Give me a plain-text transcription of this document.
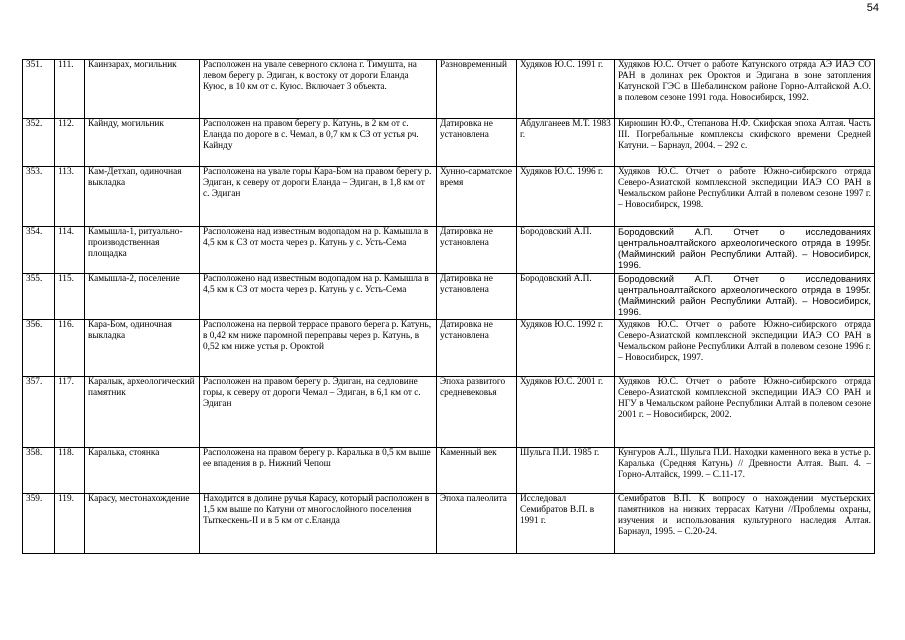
54
351.	111.	Каинзарах, могильник	Расположен на увале северного склона г. Тимушта, на левом берегу р. Эдиган, к востоку от дороги Еланда Куюс, в 10 км от с. Куюс. Включает 3 объекта.	Разновременный	Худяков Ю.С. 1991 г.	Худяков Ю.С. Отчет о работе Катунского отряда АЭ ИАЭ СО РАН в долинах рек Ороктоя и Эдигана в зоне затопления Катунской ГЭС в Шебалинском районе Горно-Алтайской А.О. в полевом сезоне 1991 года. Новосибирск, 1992.
352.	112.	Кайнду, могильник	Расположен на правом берегу р. Катунь, в 2 км от с. Еланда по дороге в с. Чемал, в 0,7 км к СЗ от устья рч. Кайнду	Датировка не установлена	Абдулганеев М.Т. 1983 г.	Кирюшин Ю.Ф., Степанова Н.Ф. Скифская эпоха Алтая. Часть III. Погребальные комплексы скифского времени Средней Катуни. – Барнаул, 2004. – 292 с.
353.	113.	Кам-Детхап, одиночная выкладка	Расположена на увале горы Кара-Бом на правом берегу р. Эдиган, к северу от дороги Еланда – Эдиган, в 1,8 км от с. Эдиган	Хунно-сарматское время	Худяков Ю.С. 1996 г.	Худяков Ю.С. Отчет о работе Южно-сибирского отряда Северо-Азиатской комплексной экспедиции ИАЭ СО РАН в Чемальском районе Республики Алтай в полевом сезоне 1997 г. – Новосибирск, 1998.
354.	114.	Камышла-1, ритуально-производственная площадка	Расположена над известным водопадом на р. Камышла в 4,5 км к СЗ от моста через р. Катунь у с. Усть-Сема	Датировка не установлена	Бородовский А.П.	Бородовский А.П. Отчет о исследованиях центральноалтайского археологического отряда в 1995г. (Майминский район Республики Алтай). – Новосибирск, 1996.
355.	115.	Камышла-2, поселение	Расположено над известным водопадом на р. Камышла в 4,5 км к СЗ от моста через р. Катунь у с. Усть-Сема	Датировка не установлена	Бородовский А.П.	Бородовский А.П. Отчет о исследованиях центральноалтайского археологического отряда в 1995г. (Майминский район Республики Алтай). – Новосибирск, 1996.
356.	116.	Кара-Бом, одиночная выкладка	Расположена на первой террасе правого берега р. Катунь, в 0,42 км ниже паромной переправы через р. Катунь, в 0,52 км ниже устья р. Ороктой	Датировка не установлена	Худяков Ю.С. 1992 г.	Худяков Ю.С. Отчет о работе Южно-сибирского отряда Северо-Азиатской комплексной экспедиции ИАЭ СО РАН в Чемальском районе Республики Алтай в полевом сезоне 1996 г. – Новосибирск, 1997.
357.	117.	Каралык, археологический памятник	Расположен на правом берегу р. Эдиган, на седловине горы, к северу от дороги Чемал – Эдиган, в 6,1 км от с. Эдиган	Эпоха развитого средневековья	Худяков Ю.С. 2001 г.	Худяков Ю.С. Отчет о работе Южно-сибирского отряда Северо-Азиатской комплексной экспедиции ИАЭ СО РАН и НГУ в Чемальском районе Республики Алтай в полевом сезоне 2001 г. – Новосибирск, 2002.
358.	118.	Каралька, стоянка	Расположена на правом берегу р. Каралька в 0,5 км выше ее впадения в р. Нижний Чепош	Каменный век	Шульга П.И. 1985 г.	Кунгуров А.Л., Шульга П.И. Находки каменного века в устье р. Каралька (Средняя Катунь) // Древности Алтая. Вып. 4. – Горно-Алтайск, 1999. – С.11-17.
359.	119.	Карасу, местонахождение	Находится в долине ручья Карасу, который расположен в 1,5 км выше по Катуни от многослойного поселения Тыткескень-II и в 5 км от с.Еланда	Эпоха палеолита	Исследовал Семибратов В.П. в 1991 г.	Семибратов В.П. К вопросу о нахождении мустьерских памятников на низких террасах Катуни //Проблемы охраны, изучения и использования культурного наследия Алтая. Барнаул, 1995. – С.20-24.
